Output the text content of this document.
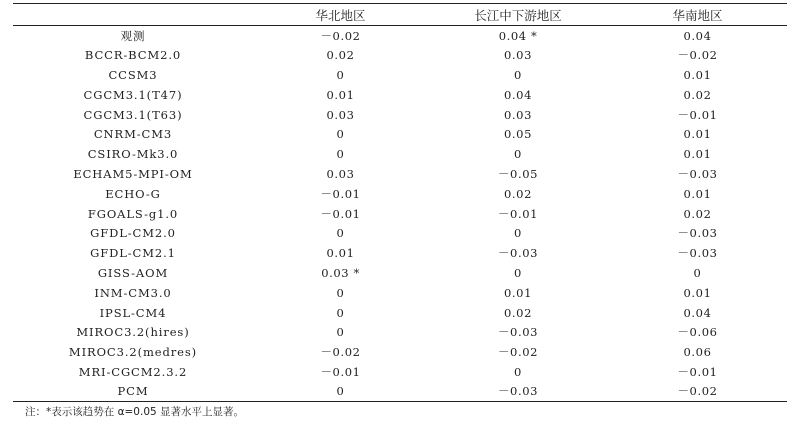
	华北地区	长江中下游地区	华南地区
观测	－0.02	0.04 *	0.04
BCCR-BCM2.0	0.02	0.03	－0.02
CCSM3	0	0	0.01
CGCM3.1(T47)	0.01	0.04	0.02
CGCM3.1(T63)	0.03	0.03	－0.01
CNRM-CM3	0	0.05	0.01
CSIRO-Mk3.0	0	0	0.01
ECHAM5-MPI-OM	0.03	－0.05	－0.03
ECHO-G	－0.01	0.02	0.01
FGOALS-g1.0	－0.01	－0.01	0.02
GFDL-CM2.0	0	0	－0.03
GFDL-CM2.1	0.01	－0.03	－0.03
GISS-AOM	0.03 *	0	0
INM-CM3.0	0	0.01	0.01
IPSL-CM4	0	0.02	0.04
MIROC3.2(hires)	0	－0.03	－0.06
MIROC3.2(medres)	－0.02	－0.02	0.06
MRI-CGCM2.3.2	－0.01	0	－0.01
PCM	0	－0.03	－0.02
注：*表示该趋势在 α=0.05 显著水平上显著。
